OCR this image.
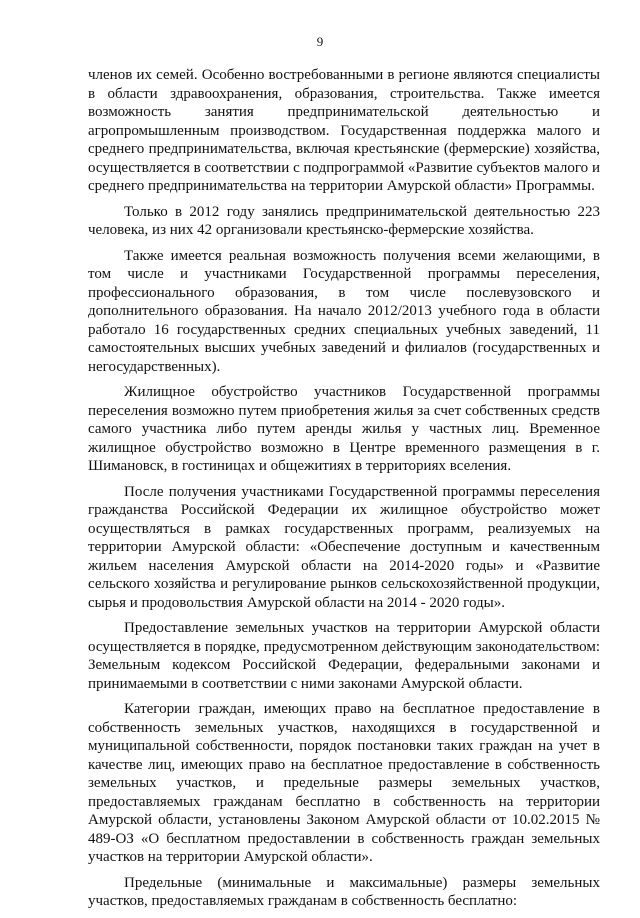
9

членов их семей. Особенно востребованными в регионе являются специалисты в области здравоохранения, образования, строительства. Также имеется возможность занятия предпринимательской деятельностью и агропромышленным производством. Государственная поддержка малого и среднего предпринимательства, включая крестьянские (фермерские) хозяйства, осуществляется в соответствии с подпрограммой «Развитие субъектов малого и среднего предпринимательства на территории Амурской области» Программы.

Только в 2012 году занялись предпринимательской деятельностью 223 человека, из них 42 организовали крестьянско-фермерские хозяйства.

Также имеется реальная возможность получения всеми желающими, в том числе и участниками Государственной программы переселения, профессионального образования, в том числе послевузовского и дополнительного образования. На начало 2012/2013 учебного года в области работало 16 государственных средних специальных учебных заведений, 11 самостоятельных высших учебных заведений и филиалов (государственных и негосударственных).

Жилищное обустройство участников Государственной программы переселения возможно путем приобретения жилья за счет собственных средств самого участника либо путем аренды жилья у частных лиц. Временное жилищное обустройство возможно в Центре временного размещения в г. Шимановск, в гостиницах и общежитиях в территориях вселения.

После получения участниками Государственной программы переселения гражданства Российской Федерации их жилищное обустройство может осуществляться в рамках государственных программ, реализуемых на территории Амурской области: «Обеспечение доступным и качественным жильем населения Амурской области на 2014-2020 годы» и «Развитие сельского хозяйства и регулирование рынков сельскохозяйственной продукции, сырья и продовольствия Амурской области на 2014 - 2020 годы».

Предоставление земельных участков на территории Амурской области осуществляется в порядке, предусмотренном действующим законодательством: Земельным кодексом Российской Федерации, федеральными законами и принимаемыми в соответствии с ними законами Амурской области.

Категории граждан, имеющих право на бесплатное предоставление в собственность земельных участков, находящихся в государственной и муниципальной собственности, порядок постановки таких граждан на учет в качестве лиц, имеющих право на бесплатное предоставление в собственность земельных участков, и предельные размеры земельных участков, предоставляемых гражданам бесплатно в собственность на территории Амурской области, установлены Законом Амурской области от 10.02.2015 № 489-ОЗ «О бесплатном предоставлении в собственность граждан земельных участков на территории Амурской области».

Предельные (минимальные и максимальные) размеры земельных участков, предоставляемых гражданам в собственность бесплатно:
